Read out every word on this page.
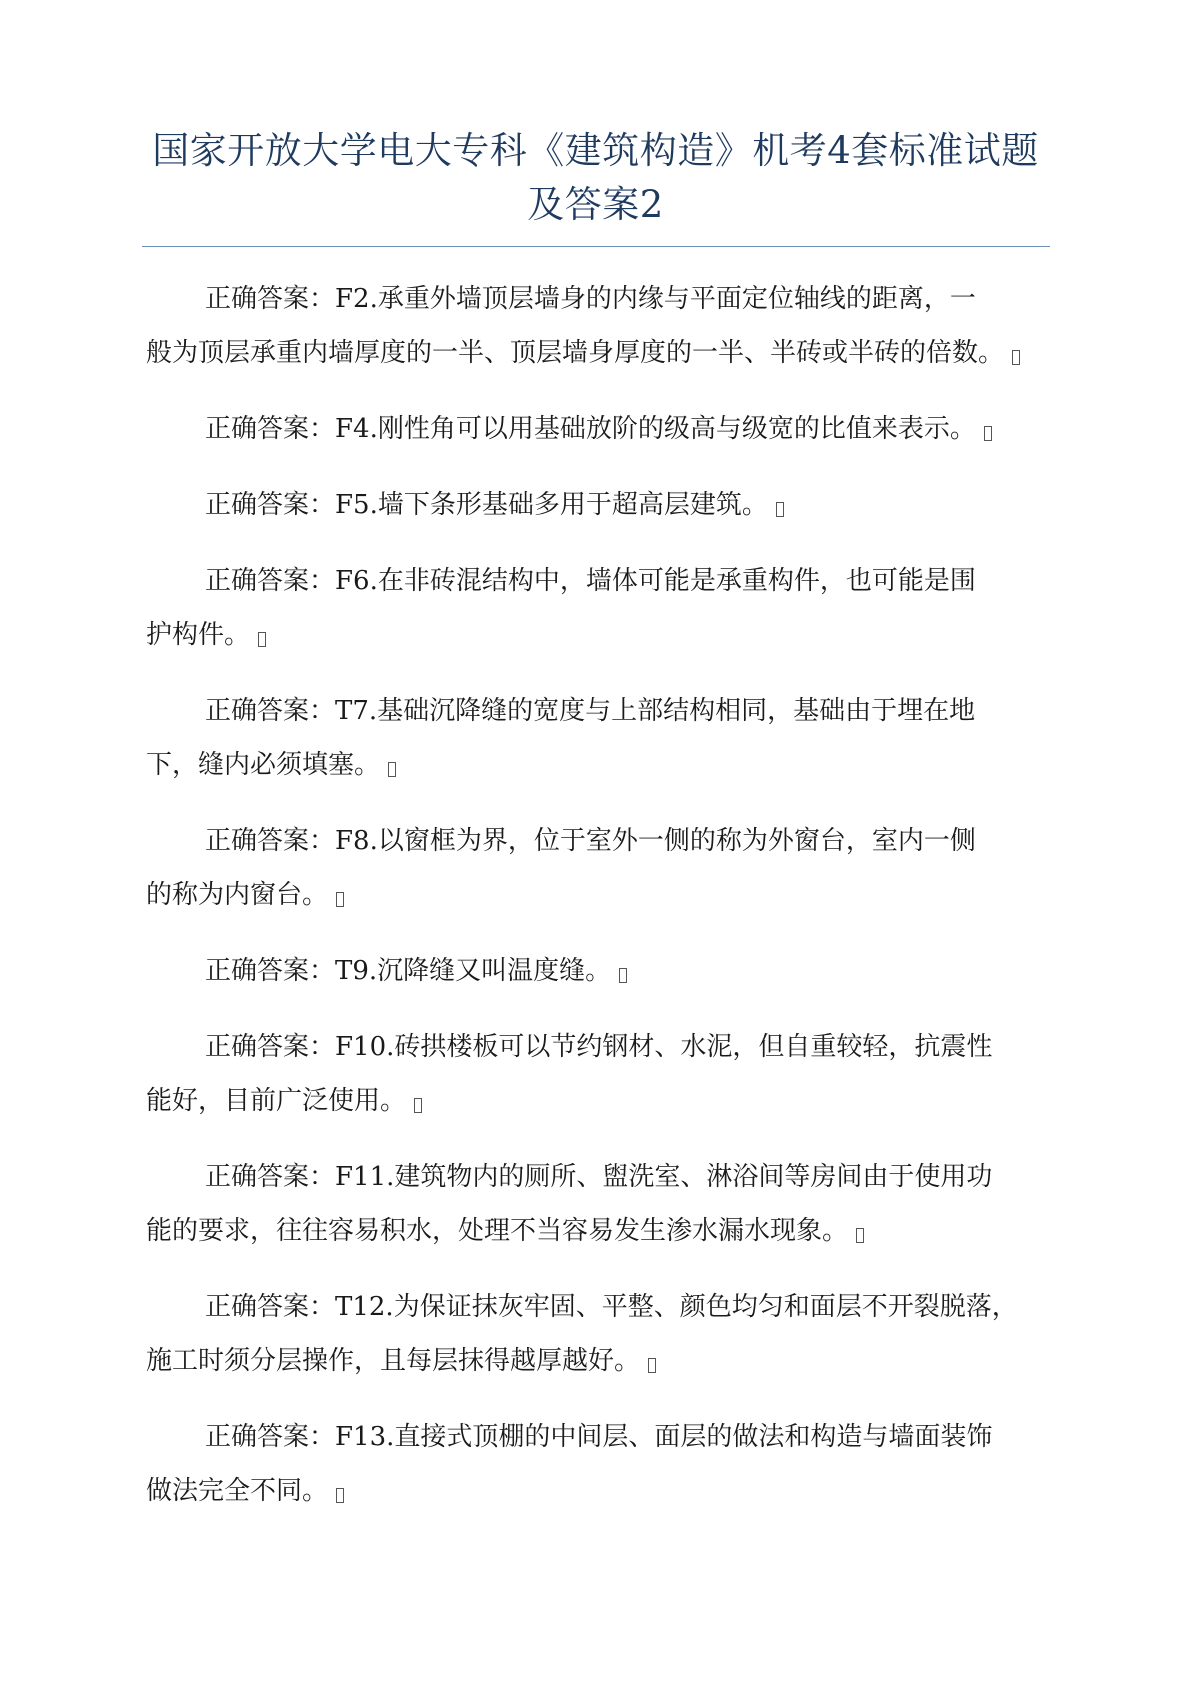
国家开放大学电大专科《建筑构造》机考4套标准试题
及答案2
正确答案：F2.承重外墙顶层墙身的内缘与平面定位轴线的距离，一
般为顶层承重内墙厚度的一半、顶层墙身厚度的一半、半砖或半砖的倍数。
正确答案：F4.刚性角可以用基础放阶的级高与级宽的比值来表示。
正确答案：F5.墙下条形基础多用于超高层建筑。
正确答案：F6.在非砖混结构中，墙体可能是承重构件，也可能是围
护构件。
正确答案：T7.基础沉降缝的宽度与上部结构相同，基础由于埋在地
下，缝内必须填塞。
正确答案：F8.以窗框为界，位于室外一侧的称为外窗台，室内一侧
的称为内窗台。
正确答案：T9.沉降缝又叫温度缝。
正确答案：F10.砖拱楼板可以节约钢材、水泥，但自重较轻，抗震性
能好，目前广泛使用。
正确答案：F11.建筑物内的厕所、盥洗室、淋浴间等房间由于使用功
能的要求，往往容易积水，处理不当容易发生渗水漏水现象。
正确答案：T12.为保证抹灰牢固、平整、颜色均匀和面层不开裂脱落，
施工时须分层操作，且每层抹得越厚越好。
正确答案：F13.直接式顶棚的中间层、面层的做法和构造与墙面装饰
做法完全不同。
